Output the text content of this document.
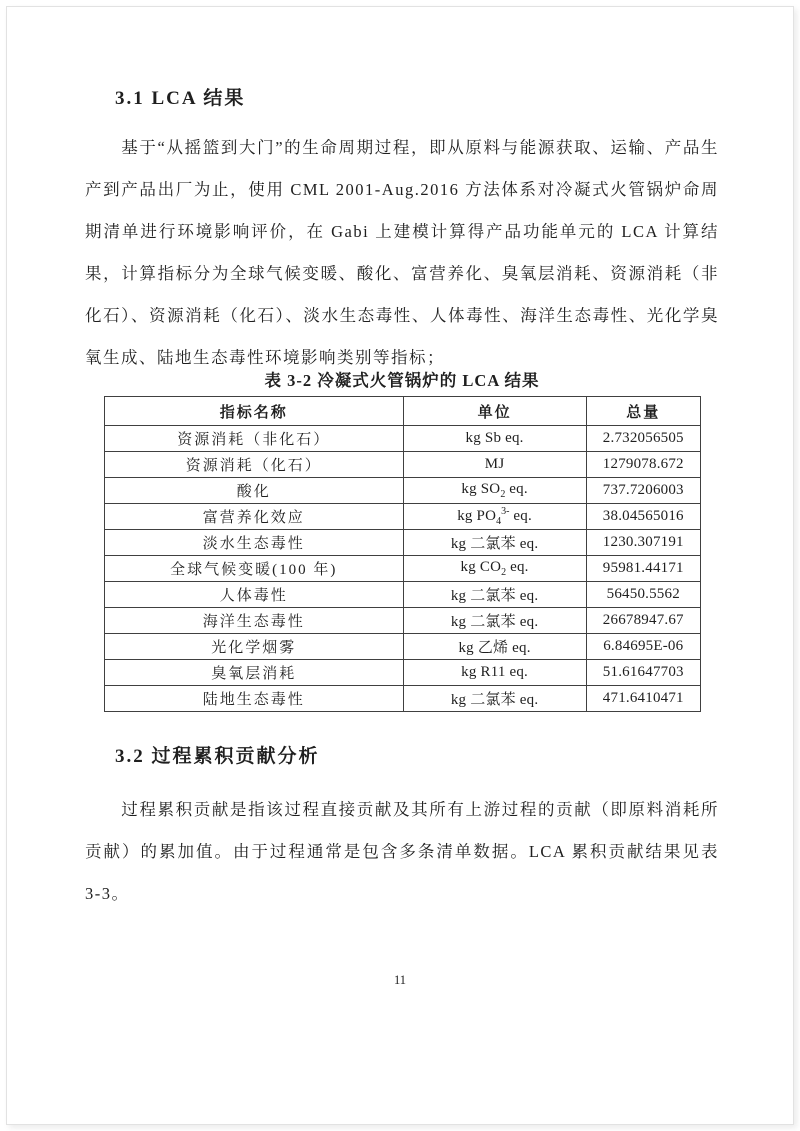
3.1 LCA 结果

基于“从摇篮到大门”的生命周期过程，即从原料与能源获取、运输、产品生产到产品出厂为止，使用 CML 2001-Aug.2016 方法体系对冷凝式火管锅炉命周期清单进行环境影响评价，在 Gabi 上建模计算得产品功能单元的 LCA 计算结果，计算指标分为全球气候变暖、酸化、富营养化、臭氧层消耗、资源消耗（非化石）、资源消耗（化石）、淡水生态毒性、人体毒性、海洋生态毒性、光化学臭氧生成、陆地生态毒性环境影响类别等指标；

表 3-2 冷凝式火管锅炉的 LCA 结果
指标名称	单位	总量
资源消耗（非化石）	kg Sb eq.	2.732056505
资源消耗（化石）	MJ	1279078.672
酸化	kg $SO_2$ eq.	737.7206003
富营养化效应	kg $PO_4^{3-}$ eq.	38.04565016
淡水生态毒性	kg 二氯苯 eq.	1230.307191
全球气候变暖(100 年)	kg $CO_2$ eq.	95981.44171
人体毒性	kg 二氯苯 eq.	56450.5562
海洋生态毒性	kg 二氯苯 eq.	26678947.67
光化学烟雾	kg 乙烯 eq.	6.84695E-06
臭氧层消耗	kg R11 eq.	51.61647703
陆地生态毒性	kg 二氯苯 eq.	471.6410471
3.2 过程累积贡献分析

过程累积贡献是指该过程直接贡献及其所有上游过程的贡献（即原料消耗所贡献）的累加值。由于过程通常是包含多条清单数据。LCA 累积贡献结果见表 3-3。

11
